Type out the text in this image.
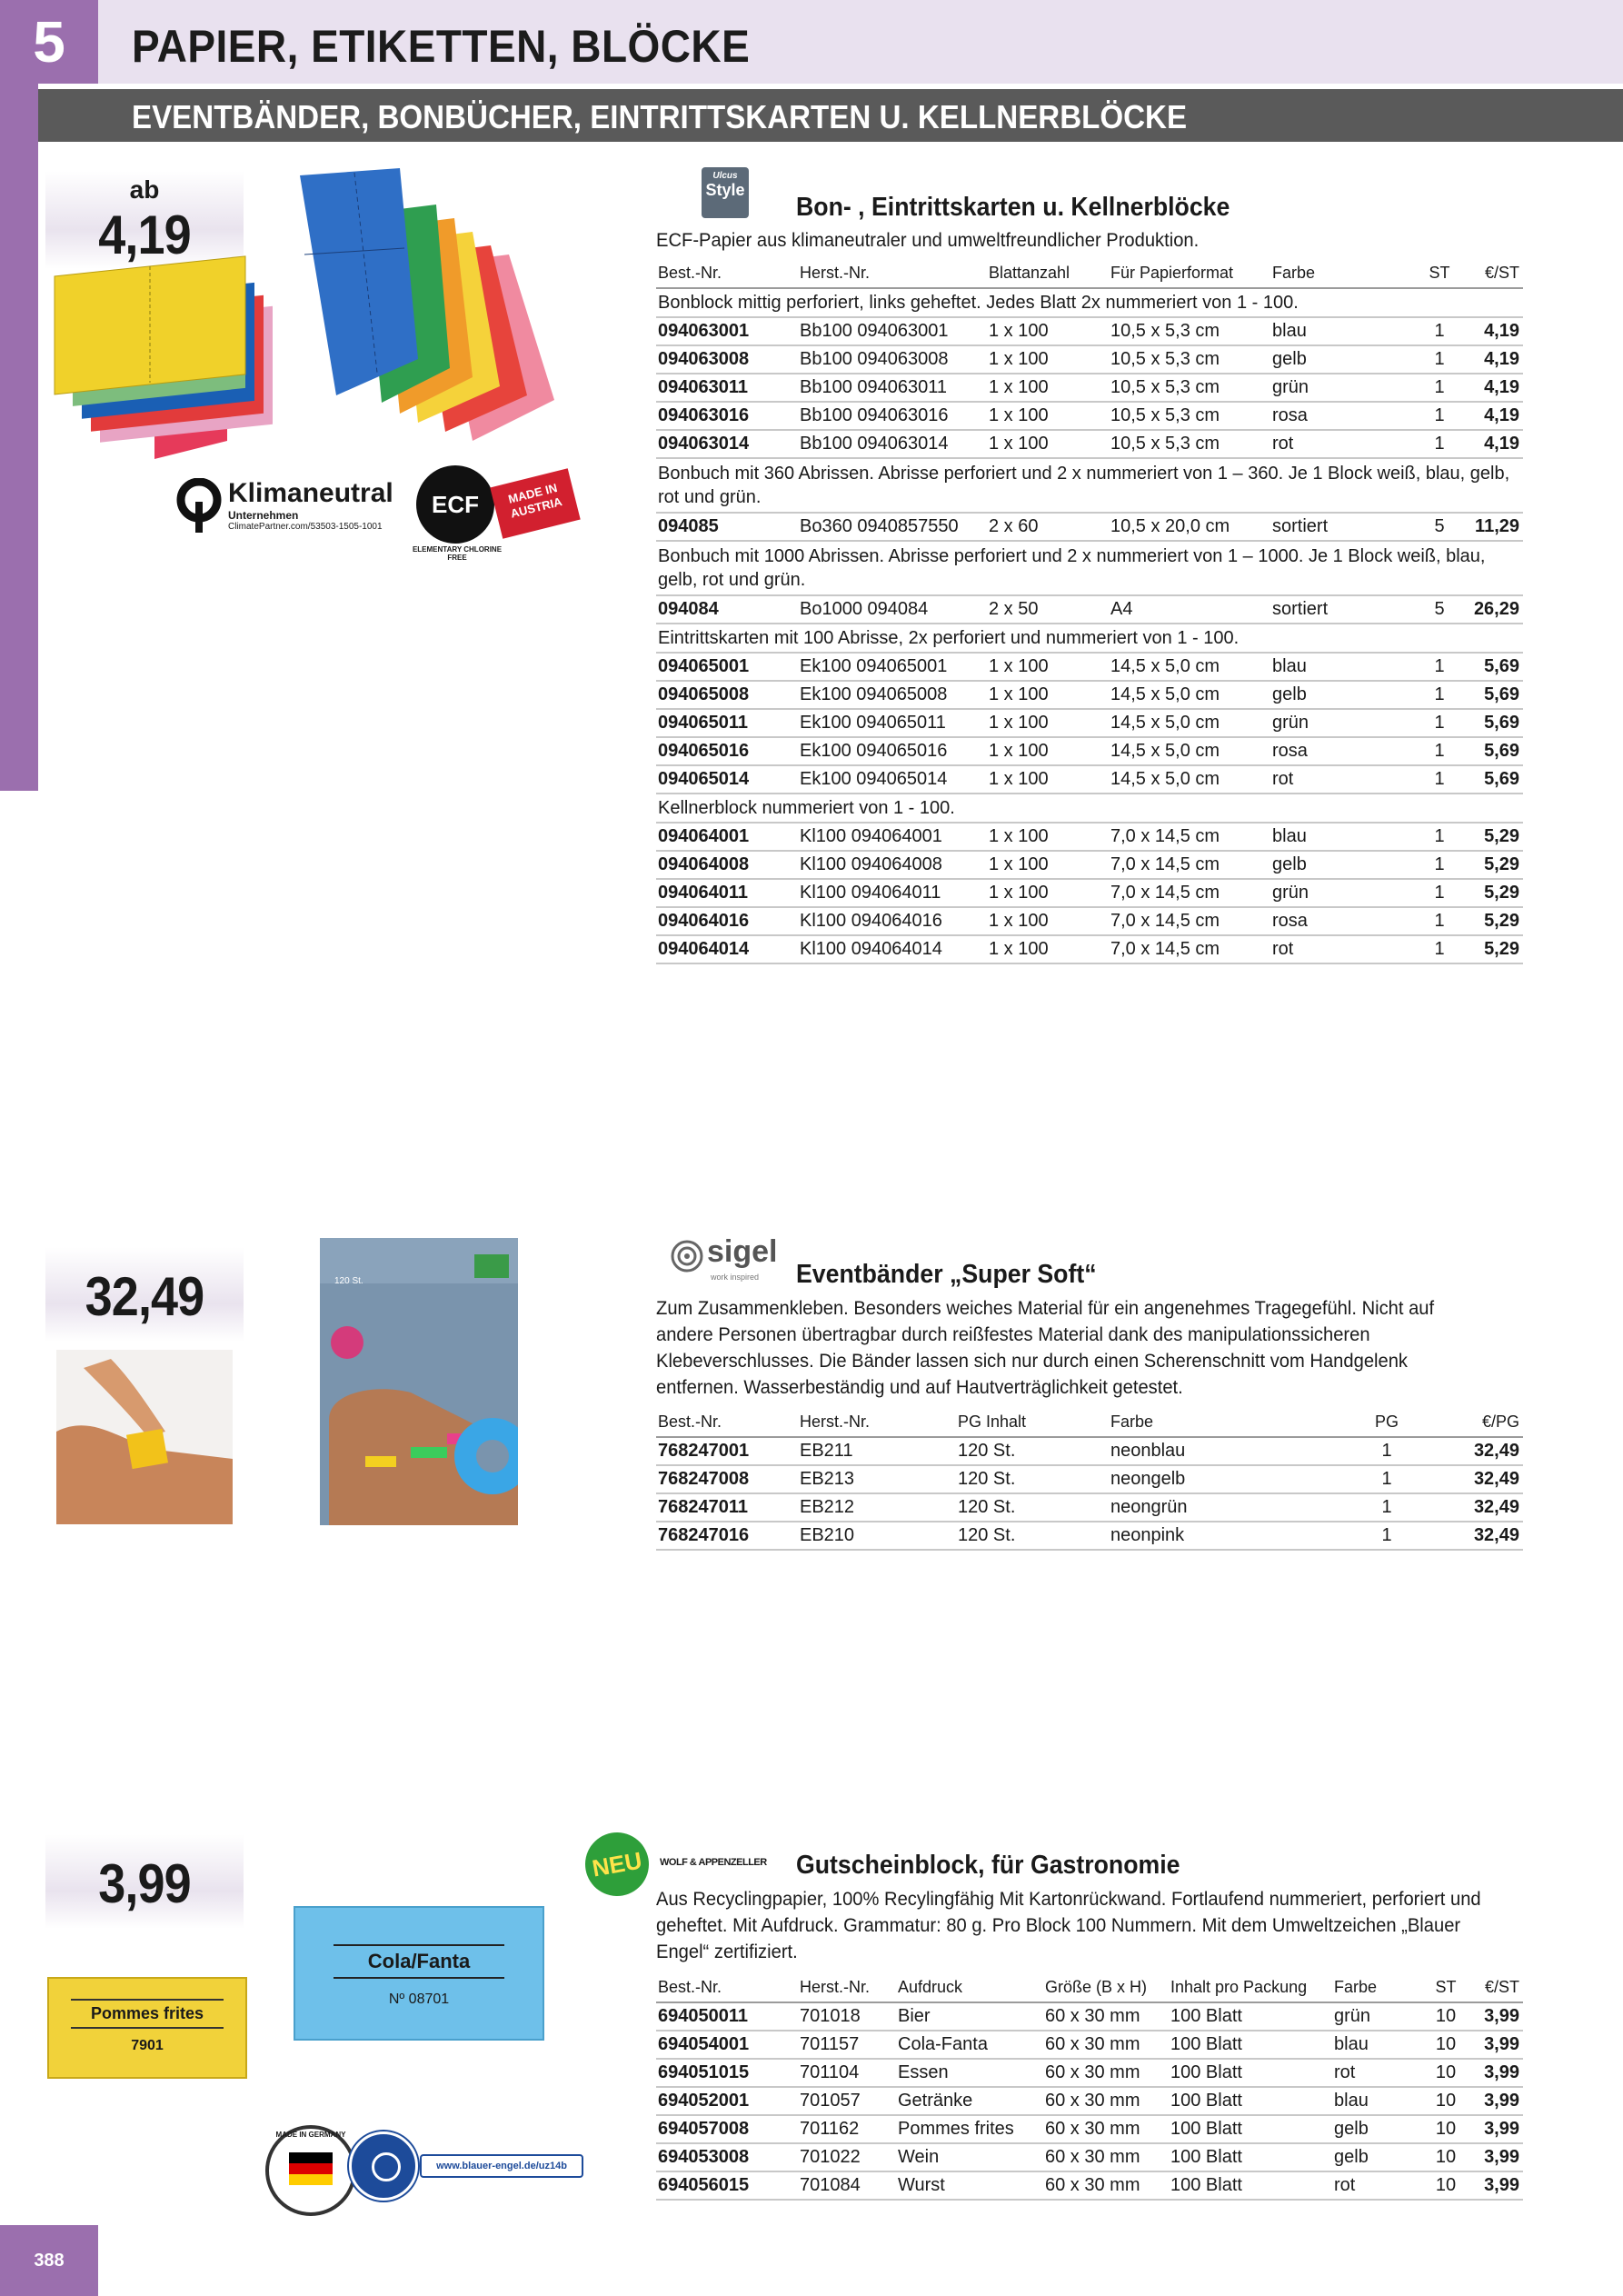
5	PAPIER, ETIKETTEN, BLÖCKE
EVENTBÄNDER, BONBÜCHER, EINTRITTSKARTEN U. KELLNERBLÖCKE
ab
4,19
Klimaneutral
Unternehmen
ClimatePartner.com/53503-1505-1001
ECF
ELEMENTARY CHLORINE FREE
MADE IN AUSTRIA
Ulcus
Style
Bon- , Eintrittskarten u. Kellnerblöcke
ECF-Papier aus klimaneutraler und umweltfreundlicher Produktion.
Best.-Nr.	Herst.-Nr.	Blattanzahl	Für Papierformat	Farbe	ST	€/ST
Bonblock mittig perforiert, links geheftet. Jedes Blatt 2x nummeriert von 1 - 100.						
094063001	Bb100 094063001	1 x 100	10,5 x 5,3 cm	blau	1	4,19
094063008	Bb100 094063008	1 x 100	10,5 x 5,3 cm	gelb	1	4,19
094063011	Bb100 094063011	1 x 100	10,5 x 5,3 cm	grün	1	4,19
094063016	Bb100 094063016	1 x 100	10,5 x 5,3 cm	rosa	1	4,19
094063014	Bb100 094063014	1 x 100	10,5 x 5,3 cm	rot	1	4,19
Bonbuch mit 360 Abrissen. Abrisse perforiert und 2 x nummeriert von 1 – 360. Je 1 Block weiß, blau, gelb, rot und grün.						
094085	Bo360 0940857550	2 x 60	10,5 x 20,0 cm	sortiert	5	11,29
Bonbuch mit 1000 Abrissen. Abrisse perforiert und 2 x nummeriert von 1 – 1000. Je 1 Block weiß, blau, gelb, rot und grün.						
094084	Bo1000 094084	2 x 50	A4	sortiert	5	26,29
Eintrittskarten mit 100 Abrisse, 2x perforiert und nummeriert von 1 - 100.						
094065001	Ek100 094065001	1 x 100	14,5 x 5,0 cm	blau	1	5,69
094065008	Ek100 094065008	1 x 100	14,5 x 5,0 cm	gelb	1	5,69
094065011	Ek100 094065011	1 x 100	14,5 x 5,0 cm	grün	1	5,69
094065016	Ek100 094065016	1 x 100	14,5 x 5,0 cm	rosa	1	5,69
094065014	Ek100 094065014	1 x 100	14,5 x 5,0 cm	rot	1	5,69
Kellnerblock nummeriert von 1 - 100.						
094064001	Kl100 094064001	1 x 100	7,0 x 14,5 cm	blau	1	5,29
094064008	Kl100 094064008	1 x 100	7,0 x 14,5 cm	gelb	1	5,29
094064011	Kl100 094064011	1 x 100	7,0 x 14,5 cm	grün	1	5,29
094064016	Kl100 094064016	1 x 100	7,0 x 14,5 cm	rosa	1	5,29
094064014	Kl100 094064014	1 x 100	7,0 x 14,5 cm	rot	1	5,29
32,49	120 St.
sigel
work inspired Eventbänder „Super Soft“
Zum Zusammenkleben. Besonders weiches Material für ein angenehmes Tragegefühl. Nicht auf andere Personen übertragbar durch reißfestes Material dank des manipulationssicheren Klebeverschlusses. Die Bänder lassen sich nur durch einen Scherenschnitt vom Handgelenk entfernen. Wasserbeständig und auf Hautverträglichkeit getestet.
Best.-Nr.	Herst.-Nr.	PG Inhalt	Farbe	PG	€/PG
768247001	EB211	120 St.	neonblau	1	32,49
768247008	EB213	120 St.	neongelb	1	32,49
768247011	EB212	120 St.	neongrün	1	32,49
768247016	EB210	120 St.	neonpink	1	32,49
3,99
Pommes frites
7901
Cola/Fanta
Nº 08701
MADE IN GERMANY
www.blauer-engel.de/uz14b
NEU WOLF & APPENZELLER Gutscheinblock, für Gastronomie
Aus Recyclingpapier, 100% Recylingfähig Mit Kartonrückwand. Fortlaufend nummeriert, perforiert und geheftet. Mit Aufdruck. Grammatur: 80 g. Pro Block 100 Nummern. Mit dem Umweltzeichen „Blauer Engel“ zertifiziert.
Best.-Nr.	Herst.-Nr.	Aufdruck	Größe (B x H)	Inhalt pro Packung	Farbe	ST	€/ST
694050011	701018	Bier	60 x 30 mm	100 Blatt	grün	10	3,99
694054001	701157	Cola-Fanta	60 x 30 mm	100 Blatt	blau	10	3,99
694051015	701104	Essen	60 x 30 mm	100 Blatt	rot	10	3,99
694052001	701057	Getränke	60 x 30 mm	100 Blatt	blau	10	3,99
694057008	701162	Pommes frites	60 x 30 mm	100 Blatt	gelb	10	3,99
694053008	701022	Wein	60 x 30 mm	100 Blatt	gelb	10	3,99
694056015	701084	Wurst	60 x 30 mm	100 Blatt	rot	10	3,99
388
